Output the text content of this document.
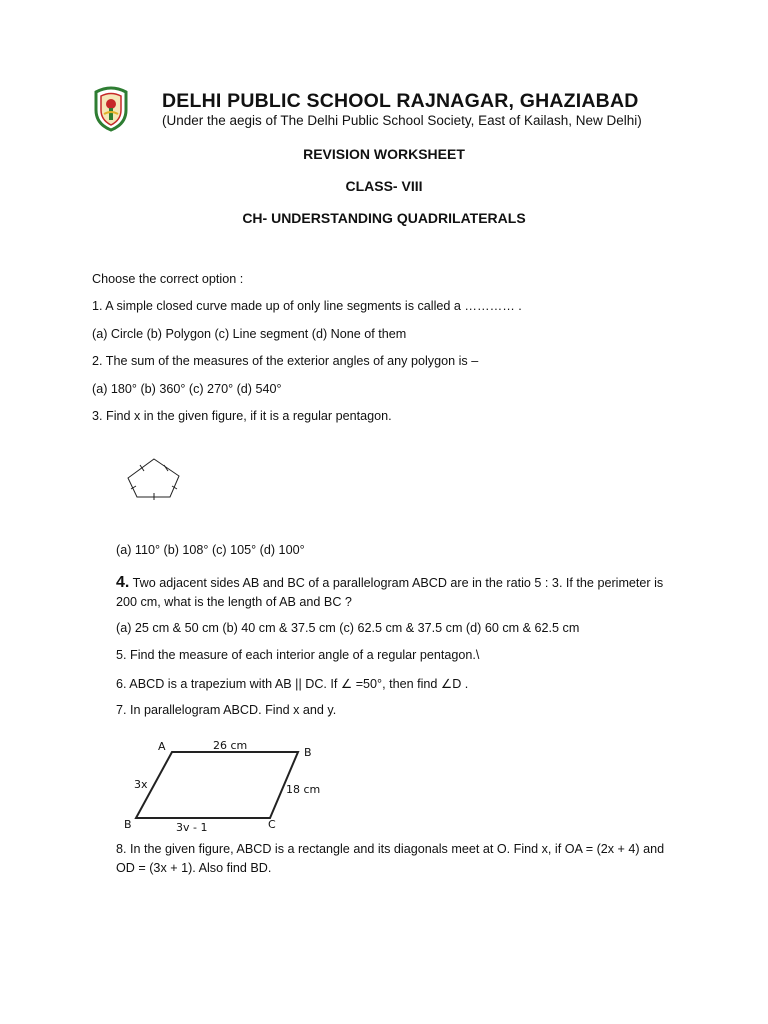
DELHI PUBLIC SCHOOL RAJNAGAR, GHAZIABAD
(Under the aegis of The Delhi Public School Society, East of Kailash, New Delhi)
REVISION WORKSHEET
CLASS- VIII
CH- UNDERSTANDING QUADRILATERALS
Choose the correct option :
1. A simple closed curve made up of only line segments is called a ………… .
(a) Circle (b) Polygon (c) Line segment (d) None of them
2. The sum of the measures of the exterior angles of any polygon is –
(a) 180° (b) 360° (c) 270° (d) 540°
3. Find x in the given figure, if it is a regular pentagon.
(a) 110° (b) 108° (c) 105° (d) 100°
4. Two adjacent sides AB and BC of a parallelogram ABCD are in the ratio 5 : 3. If the perimeter is 200 cm, what is the length of AB and BC ?
(a) 25 cm & 50 cm (b) 40 cm & 37.5 cm (c) 62.5 cm & 37.5 cm (d) 60 cm & 62.5 cm
5. Find the measure of each interior angle of a regular pentagon.\
6. ABCD is a trapezium with AB || DC. If ∠ =50°, then find ∠D .
7. In parallelogram ABCD. Find x and y.
A	26 cm
B
3x	18 cm
B	3v - 1	C
8. In the given figure, ABCD is a rectangle and its diagonals meet at O. Find x, if OA = (2x + 4) and OD = (3x + 1). Also find BD.
